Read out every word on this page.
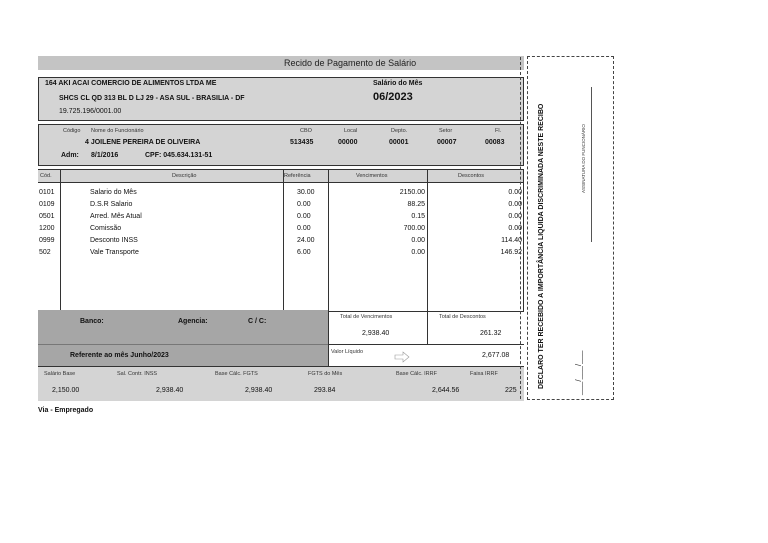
Recido de Pagamento de Salário
164 AKI ACAI COMERCIO DE ALIMENTOS LTDA ME
SHCS CL QD 313 BL D LJ 29 - ASA SUL - BRASILIA - DF
19.725.196/0001.00
Salário do Mês
06/2023
Código Nome do Funcionário	CBO	Local	Depto.	Setor	Fl.
4 JOILENE PEREIRA DE OLIVEIRA
Adm: 8/1/2016	CPF: 045.634.131-51
513435	00000	00001	00007	00083
Cód.	Descrição	Referência	Vencimentos	Descontos
0101	Salario do Mês	30.00	2150.00	0.00
0109	D.S.R Salario	0.00	88.25	0.00
0501	Arred. Mês Atual	0.00	0.15	0.00
1200	Comissão	0.00	700.00	0.00
0999	Desconto INSS	24.00	0.00	114.40
502	Vale Transporte	6.00	0.00	146.92
Banco:	Agencia:	C / C:
Referente ao mês Junho/2023
Total de Vencimentos
2,938.40
Total de Descontos
261.32
Valor Líquido	2,677.08
Salário Base	Sal. Contr. INSS	Base Cálc. FGTS	FGTS do Mês	Base Cálc. IRRF	Faixa IRRF
2,150.00	2,938.40	2,938.40	293.84	2,644.56	225
DECLARO TER RECEBIDO A IMPORTÂNCIA LIQUIDA DISCRIMINADA NESTE RECIBO	ASSINATURA DO FUNCIONÁRIO
___/___/___
Via - Empregado
